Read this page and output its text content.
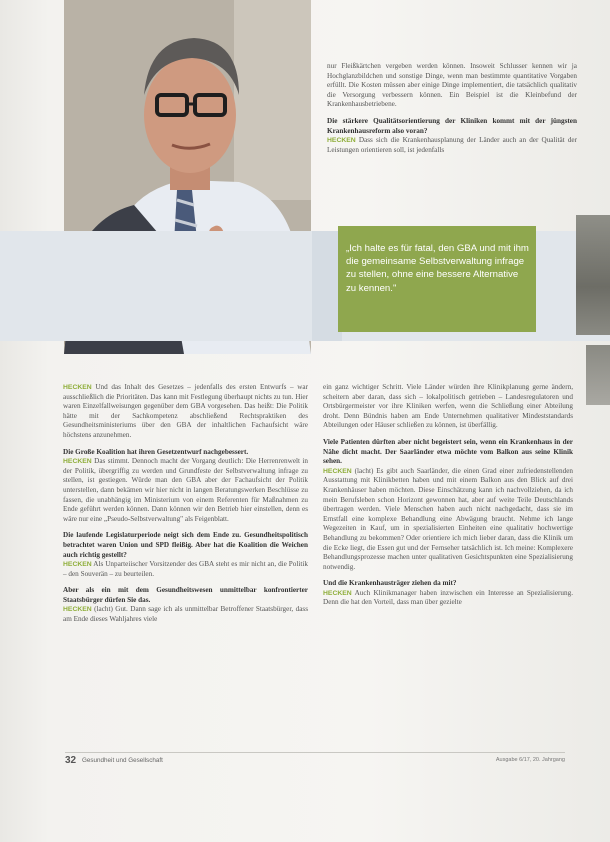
nur Fleißkärtchen vergeben werden können. Insoweit Schlusser kennen wir ja Hochglanzbildchen und sonstige Dinge, wenn man bestimmte quantitative Vorgaben erfüllt. Die Kosten müssen aber einige Dinge implementiert, die tatsächlich qualitativ die Versorgung verbessern können. Ein Beispiel ist die Kleinbefund der Krankenhausbetriebene.

Die stärkere Qualitätsorientierung der Kliniken kommt mit der jüngsten Krankenhausreform also voran?
HECKEN Dass sich die Krankenhausplanung der Länder auch an der Qualität der Leistungen orientieren soll, ist jedenfalls

„Ich halte es für fatal, den GBA und mit ihm die gemeinsame Selbstverwaltung infrage zu stellen, ohne eine bessere Alternative zu kennen."

HECKEN Und das Inhalt des Gesetzes – jedenfalls des ersten Entwurfs – war ausschließlich die Prioritäten. Das kann mit Festlegung überhaupt nichts zu tun. Hier waren Einzelfallweisungen gegenüber dem GBA vorgesehen. Das heißt: Die Politik hätte mit der Sachkompetenz abschließend Rechtspraktiken des Gesundheitsministeriums über den GBA der inhaltlichen Fachaufsicht wäre höchstens anzunehmen.

Die Große Koalition hat ihren Gesetzentwurf nachgebessert.
HECKEN Das stimmt. Dennoch macht der Vorgang deutlich: Die Herrenrenwelt in der Politik, übergriffig zu werden und Grundfeste der Selbstverwaltung infrage zu stellen, ist gestiegen. Würde man den GBA aber der Fachaufsicht der Politik unterstellen, dann bekämen wir hier nicht in langen Beratungswerken Beschlüsse zu fassen, die unabhängig im Ministerium von einem Referenten für Maßnahmen zu Ende geführt werden können. Dann können wir den Betrieb hier einstellen, denn es wäre nur eine „Pseudo-Selbstverwaltung" als Feigenblatt.

Die laufende Legislaturperiode neigt sich dem Ende zu. Gesundheitspolitisch betrachtet waren Union und SPD fleißig. Aber hat die Koalition die Weichen auch richtig gestellt?
HECKEN Als Unparteiischer Vorsitzender des GBA steht es mir nicht an, die Politik – den Souverän – zu beurteilen.

Aber als ein mit dem Gesundheitswesen unmittelbar konfrontierter Staatsbürger dürfen Sie das.
HECKEN (lacht) Gut. Dann sage ich als unmittelbar Betroffener Staatsbürger, dass am Ende dieses Wahljahres viele

ein ganz wichtiger Schritt. Viele Länder würden ihre Klinikplanung gerne ändern, scheitern aber daran, dass sich – lokalpolitisch getrieben – Landesregulatoren und Ortsbürgermeister vor ihre Kliniken werfen, wenn die Schließung einer Abteilung droht. Denn Bündnis haben am Ende Unternehmen qualitativer Mindeststandards Abteilungen oder Häuser schließen zu können, ist überfällig.

Viele Patienten dürften aber nicht begeistert sein, wenn ein Krankenhaus in der Nähe dicht macht. Der Saarländer etwa möchte vom Balkon aus seine Klinik sehen.
HECKEN (lacht) Es gibt auch Saarländer, die einen Grad einer zufriedenstellenden Ausstattung mit Klinikbetten haben und mit einem Balkon aus den Blick auf drei Krankenhäuser haben möchten. Diese Einschätzung kann ich nachvollziehen, da ich mein Berufsleben schon Horizont gewonnen hat, aber auf weite Teile Deutschlands übertragen werden. Viele Menschen haben auch nicht nachgedacht, dass sie im Ernstfall eine komplexe Behandlung eine Abwägung braucht. Nehme ich lange Wegezeiten in Kauf, um in spezialisierten Einheiten eine qualitativ hochwertige Behandlung zu bekommen? Oder orientiere ich mich lieber daran, dass die Klinik um die Ecke liegt, die Essen gut und der Fernseher tatsächlich ist. Ich meine: Komplexere Behandlungsprozesse machen unter qualitativen Gesichtspunkten eine Spezialisierung notwendig.

Und die Krankenhausträger ziehen da mit?
HECKEN Auch Klinikmanager haben inzwischen ein Interesse an Spezialisierung. Denn die hat den Vorteil, dass man über gezielte

32 Gesundheit und Gesellschaft	Ausgabe 6/17, 20. Jahrgang
